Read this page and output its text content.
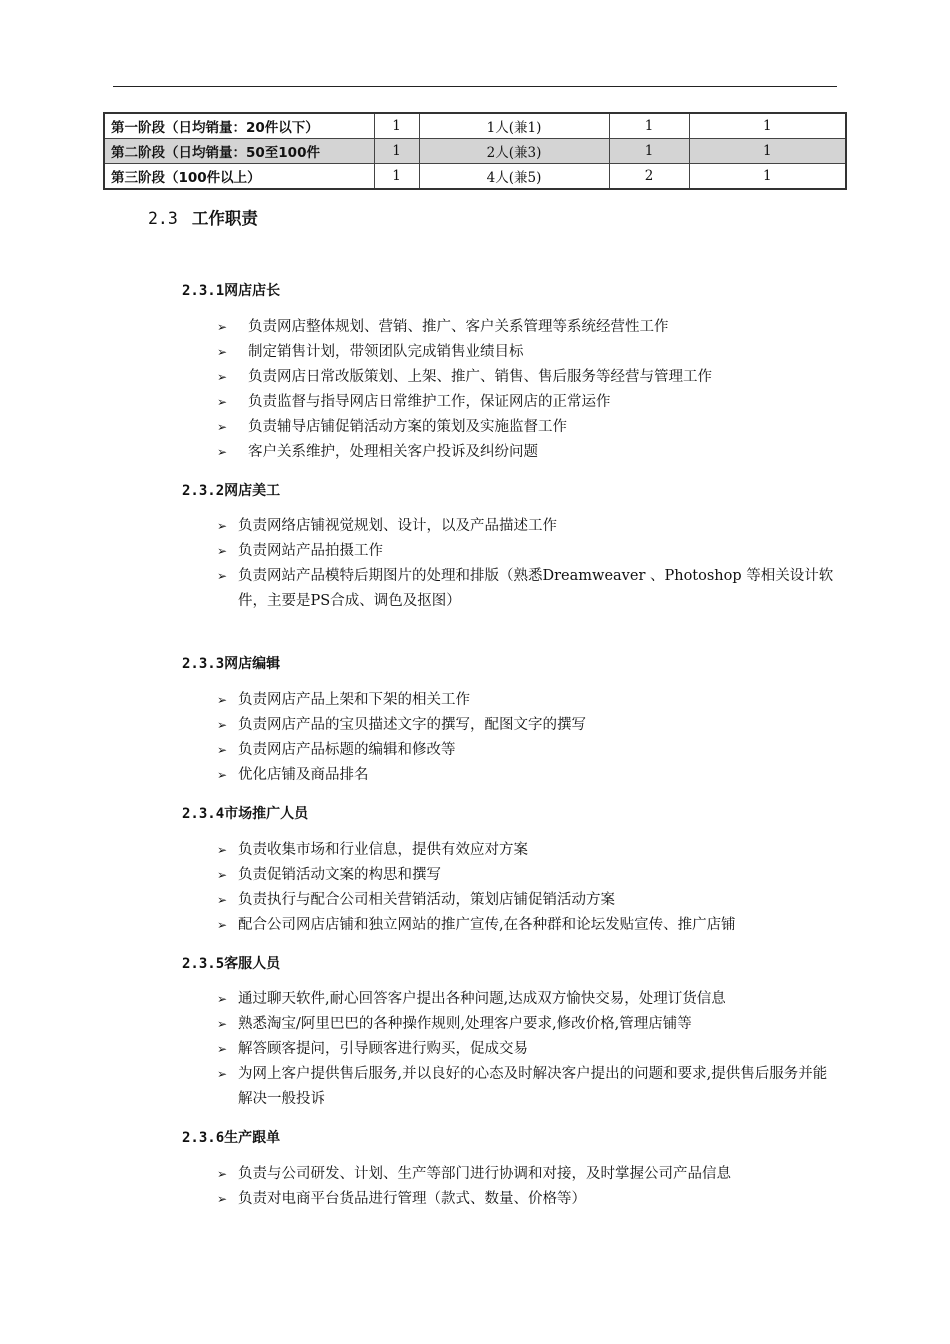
第一阶段（日均销量：20件以下）	1	1人(兼1)	1	1
第二阶段（日均销量：50至100件	1	2人(兼3)	1	1
第三阶段（100件以上）	1	4人(兼5)	2	1
2.3 工作职责
2.3.1网店店长
➢ 负责网店整体规划、营销、推广、客户关系管理等系统经营性工作
➢ 制定销售计划，带领团队完成销售业绩目标
➢ 负责网店日常改版策划、上架、推广、销售、售后服务等经营与管理工作
➢ 负责监督与指导网店日常维护工作，保证网店的正常运作
➢ 负责辅导店铺促销活动方案的策划及实施监督工作
➢ 客户关系维护，处理相关客户投诉及纠纷问题
2.3.2网店美工
➢ 负责网络店铺视觉规划、设计，以及产品描述工作
➢ 负责网站产品拍摄工作
➢ 负责网站产品模特后期图片的处理和排版（熟悉Dreamweaver 、Photoshop 等相关设计软件，主要是PS合成、调色及抠图）
2.3.3网店编辑
➢ 负责网店产品上架和下架的相关工作
➢ 负责网店产品的宝贝描述文字的撰写，配图文字的撰写
➢ 负责网店产品标题的编辑和修改等
➢ 优化店铺及商品排名
2.3.4市场推广人员
➢ 负责收集市场和行业信息，提供有效应对方案
➢ 负责促销活动文案的构思和撰写
➢ 负责执行与配合公司相关营销活动，策划店铺促销活动方案
➢ 配合公司网店店铺和独立网站的推广宣传,在各种群和论坛发贴宣传、推广店铺
2.3.5客服人员
➢ 通过聊天软件,耐心回答客户提出各种问题,达成双方愉快交易，处理订货信息
➢ 熟悉淘宝/阿里巴巴的各种操作规则,处理客户要求,修改价格,管理店铺等
➢ 解答顾客提问，引导顾客进行购买，促成交易
➢ 为网上客户提供售后服务,并以良好的心态及时解决客户提出的问题和要求,提供售后服务并能解决一般投诉
2.3.6生产跟单
➢ 负责与公司研发、计划、生产等部门进行协调和对接，及时掌握公司产品信息
➢ 负责对电商平台货品进行管理（款式、数量、价格等）
